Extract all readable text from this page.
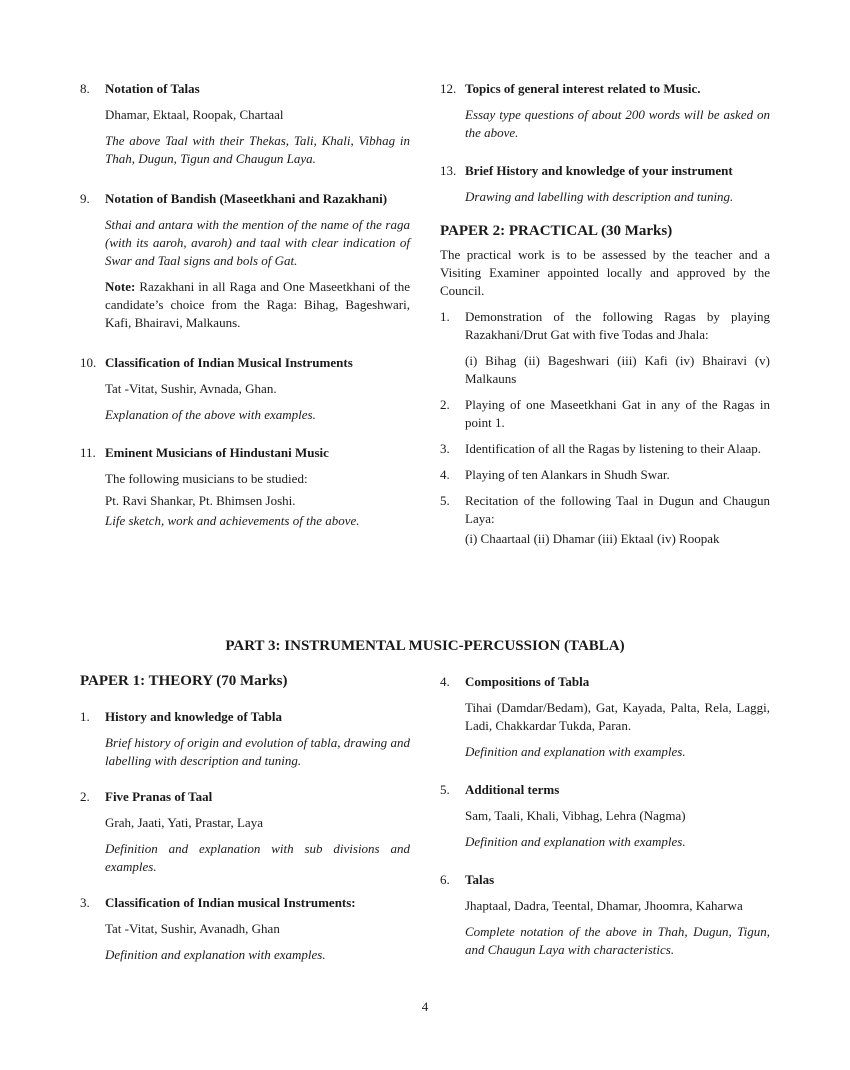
8. Notation of Talas
Dhamar, Ektaal, Roopak, Chartaal
The above Taal with their Thekas, Tali, Khali, Vibhag in Thah, Dugun, Tigun and Chaugun Laya.
9. Notation of Bandish (Maseetkhani and Razakhani)
Sthai and antara with the mention of the name of the raga (with its aaroh, avaroh) and taal with clear indication of Swar and Taal signs and bols of Gat.
Note: Razakhani in all Raga and One Maseetkhani of the candidate’s choice from the Raga: Bihag, Bageshwari, Kafi, Bhairavi, Malkauns.
10. Classification of Indian Musical Instruments
Tat -Vitat, Sushir, Avnada, Ghan.
Explanation of the above with examples.
11. Eminent Musicians of Hindustani Music
The following musicians to be studied:
Pt. Ravi Shankar, Pt. Bhimsen Joshi.
Life sketch, work and achievements of the above.
12. Topics of general interest related to Music.
Essay type questions of about 200 words will be asked on the above.
13. Brief History and knowledge of your instrument
Drawing and labelling with description and tuning.
PAPER 2: PRACTICAL (30 Marks)
The practical work is to be assessed by the teacher and a Visiting Examiner appointed locally and approved by the Council.
1. Demonstration of the following Ragas by playing Razakhani/Drut Gat with five Todas and Jhala:
(i) Bihag (ii) Bageshwari (iii) Kafi (iv) Bhairavi (v) Malkauns
2. Playing of one Maseetkhani Gat in any of the Ragas in point 1.
3. Identification of all the Ragas by listening to their Alaap.
4. Playing of ten Alankars in Shudh Swar.
5. Recitation of the following Taal in Dugun and Chaugun Laya:
(i) Chaartaal (ii) Dhamar (iii) Ektaal (iv) Roopak
PART 3: INSTRUMENTAL MUSIC-PERCUSSION (TABLA)
PAPER 1: THEORY (70 Marks)
1. History and knowledge of Tabla
Brief history of origin and evolution of tabla, drawing and labelling with description and tuning.
2. Five Pranas of Taal
Grah, Jaati, Yati, Prastar, Laya
Definition and explanation with sub divisions and examples.
3. Classification of Indian musical Instruments:
Tat -Vitat, Sushir, Avanadh, Ghan
Definition and explanation with examples.
4. Compositions of Tabla
Tihai (Damdar/Bedam), Gat, Kayada, Palta, Rela, Laggi, Ladi, Chakkardar Tukda, Paran.
Definition and explanation with examples.
5. Additional terms
Sam, Taali, Khali, Vibhag, Lehra (Nagma)
Definition and explanation with examples.
6. Talas
Jhaptaal, Dadra, Teental, Dhamar, Jhoomra, Kaharwa
Complete notation of the above in Thah, Dugun, Tigun, and Chaugun Laya with characteristics.
4
